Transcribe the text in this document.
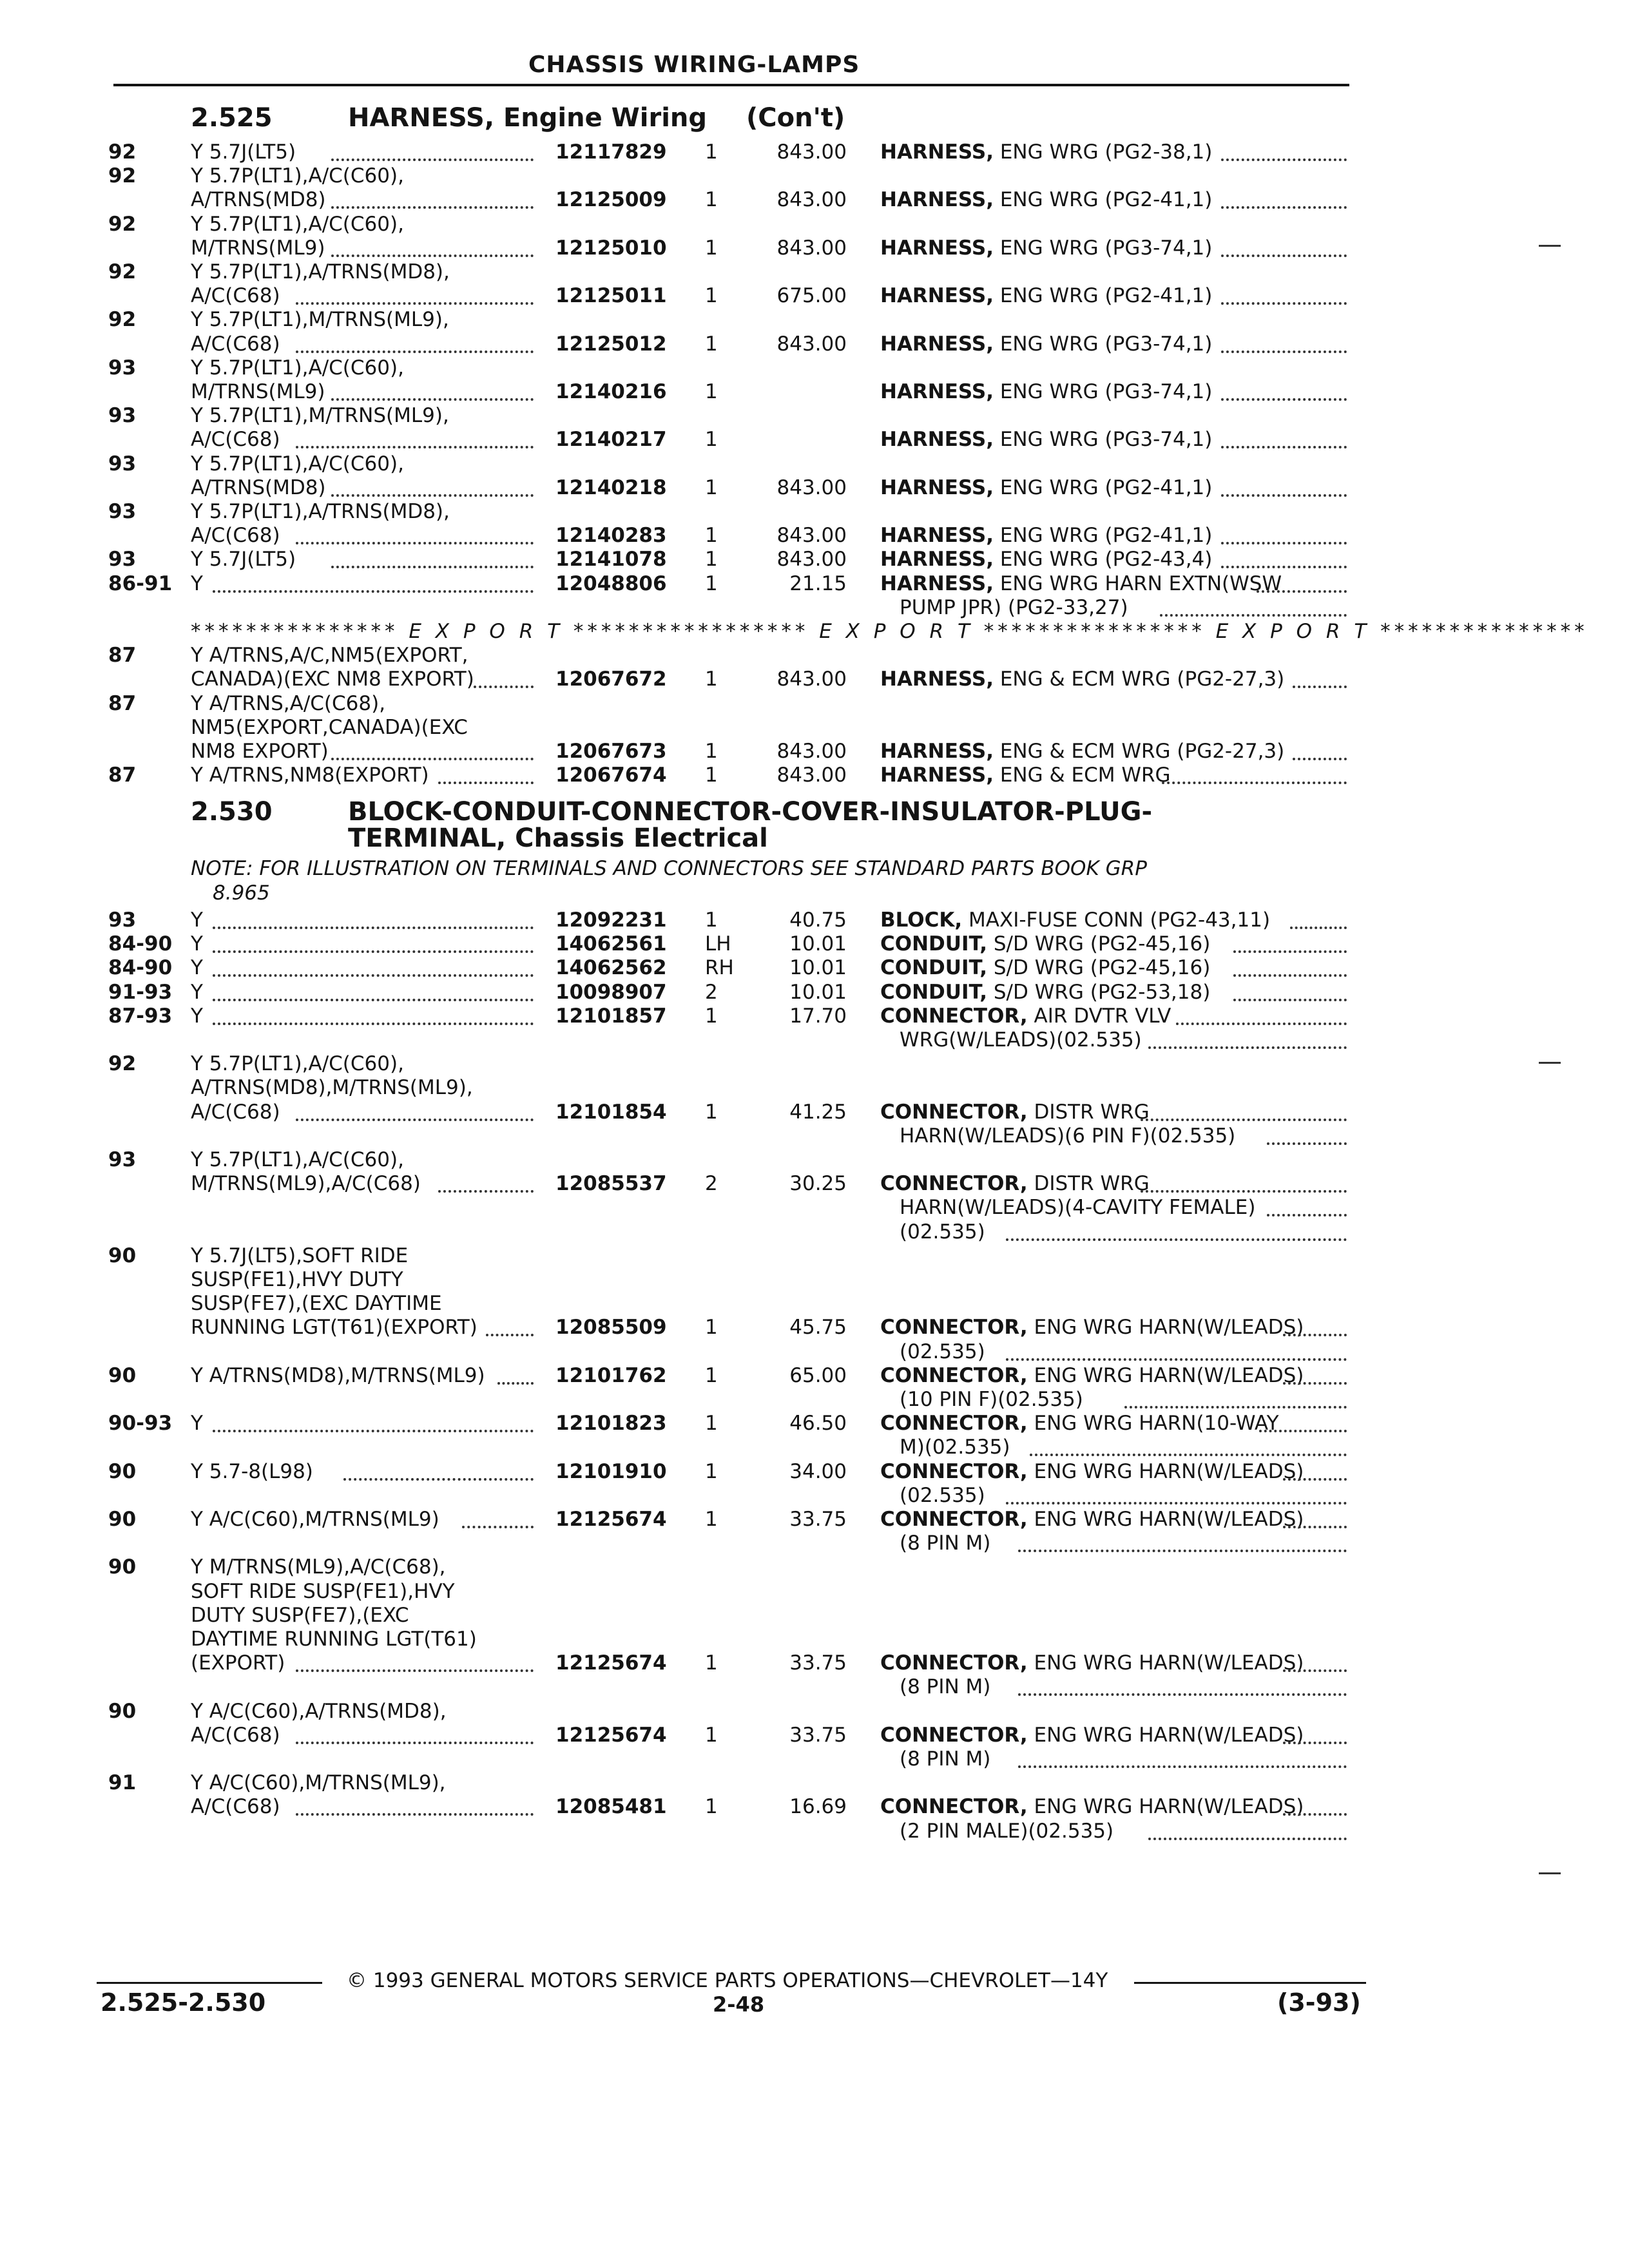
CHASSIS WIRING-LAMPS
2.525	HARNESS, Engine Wiring (Con't)
92	Y 5.7J(LT5)	12117829 1	843.00 HARNESS, ENG WRG (PG2-38,1)
92	Y 5.7P(LT1),A/C(C60),
A/TRNS(MD8)	12125009 1	843.00 HARNESS, ENG WRG (PG2-41,1)
92	Y 5.7P(LT1),A/C(C60),
M/TRNS(ML9)	12125010 1	843.00 HARNESS, ENG WRG (PG3-74,1)
92	Y 5.7P(LT1),A/TRNS(MD8),
A/C(C68)	12125011 1	675.00 HARNESS, ENG WRG (PG2-41,1)
92	Y 5.7P(LT1),M/TRNS(ML9),
A/C(C68)	12125012 1	843.00 HARNESS, ENG WRG (PG3-74,1)
93	Y 5.7P(LT1),A/C(C60),
M/TRNS(ML9)	12140216 1	HARNESS, ENG WRG (PG3-74,1)
93	Y 5.7P(LT1),M/TRNS(ML9),
A/C(C68)	12140217 1	HARNESS, ENG WRG (PG3-74,1)
93	Y 5.7P(LT1),A/C(C60),
A/TRNS(MD8)	12140218 1	843.00 HARNESS, ENG WRG (PG2-41,1)
93	Y 5.7P(LT1),A/TRNS(MD8),
A/C(C68)	12140283 1	843.00 HARNESS, ENG WRG (PG2-41,1)
93	Y 5.7J(LT5)	12141078 1	843.00 HARNESS, ENG WRG (PG2-43,4)
86-91 Y	12048806 1	21.15 HARNESS, ENG WRG HARN EXTN(WSW
PUMP JPR) (PG2-33,27)
*************** E X P O R T ***************** E X P O R T **************** E X P O R T ***************
87	Y A/TRNS,A/C,NM5(EXPORT,
CANADA)(EXC NM8 EXPORT)	12067672 1	843.00 HARNESS, ENG & ECM WRG (PG2-27,3)
87	Y A/TRNS,A/C(C68),
NM5(EXPORT,CANADA)(EXC
NM8 EXPORT)	12067673 1	843.00 HARNESS, ENG & ECM WRG (PG2-27,3)
87	Y A/TRNS,NM8(EXPORT)	12067674 1	843.00 HARNESS, ENG & ECM WRG
2.530	BLOCK-CONDUIT-CONNECTOR-COVER-INSULATOR-PLUG-
TERMINAL, Chassis Electrical
NOTE: FOR ILLUSTRATION ON TERMINALS AND CONNECTORS SEE STANDARD PARTS BOOK GRP
8.965
93	Y	12092231 1	40.75 BLOCK, MAXI-FUSE CONN (PG2-43,11)
84-90 Y	14062561 LH	10.01 CONDUIT, S/D WRG (PG2-45,16)
84-90 Y	14062562 RH	10.01 CONDUIT, S/D WRG (PG2-45,16)
91-93 Y	10098907 2	10.01 CONDUIT, S/D WRG (PG2-53,18)
87-93 Y	12101857 1	17.70 CONNECTOR, AIR DVTR VLV
WRG(W/LEADS)(02.535)
92	Y 5.7P(LT1),A/C(C60),
A/TRNS(MD8),M/TRNS(ML9),
A/C(C68)	12101854 1	41.25 CONNECTOR, DISTR WRG
HARN(W/LEADS)(6 PIN F)(02.535)
93	Y 5.7P(LT1),A/C(C60),
M/TRNS(ML9),A/C(C68)	12085537 2	30.25 CONNECTOR, DISTR WRG
HARN(W/LEADS)(4-CAVITY FEMALE)
(02.535)
90	Y 5.7J(LT5),SOFT RIDE
SUSP(FE1),HVY DUTY
SUSP(FE7),(EXC DAYTIME
RUNNING LGT(T61)(EXPORT)	12085509 1	45.75 CONNECTOR, ENG WRG HARN(W/LEADS)
(02.535)
90	Y A/TRNS(MD8),M/TRNS(ML9)	12101762 1	65.00 CONNECTOR, ENG WRG HARN(W/LEADS)
(10 PIN F)(02.535)
90-93 Y	12101823 1	46.50 CONNECTOR, ENG WRG HARN(10-WAY
M)(02.535)
90	Y 5.7-8(L98)	12101910 1	34.00 CONNECTOR, ENG WRG HARN(W/LEADS)
(02.535)
90	Y A/C(C60),M/TRNS(ML9)	12125674 1	33.75 CONNECTOR, ENG WRG HARN(W/LEADS)
(8 PIN M)
90	Y M/TRNS(ML9),A/C(C68),
SOFT RIDE SUSP(FE1),HVY
DUTY SUSP(FE7),(EXC
DAYTIME RUNNING LGT(T61)
(EXPORT)	12125674 1	33.75 CONNECTOR, ENG WRG HARN(W/LEADS)
(8 PIN M)
90	Y A/C(C60),A/TRNS(MD8),
A/C(C68)	12125674 1	33.75 CONNECTOR, ENG WRG HARN(W/LEADS)
(8 PIN M)
91	Y A/C(C60),M/TRNS(ML9),
A/C(C68)	12085481 1	16.69 CONNECTOR, ENG WRG HARN(W/LEADS)
(2 PIN MALE)(02.535)
© 1993 GENERAL MOTORS SERVICE PARTS OPERATIONS—CHEVROLET—14Y
2.525-2.530	2-48	(3-93)
